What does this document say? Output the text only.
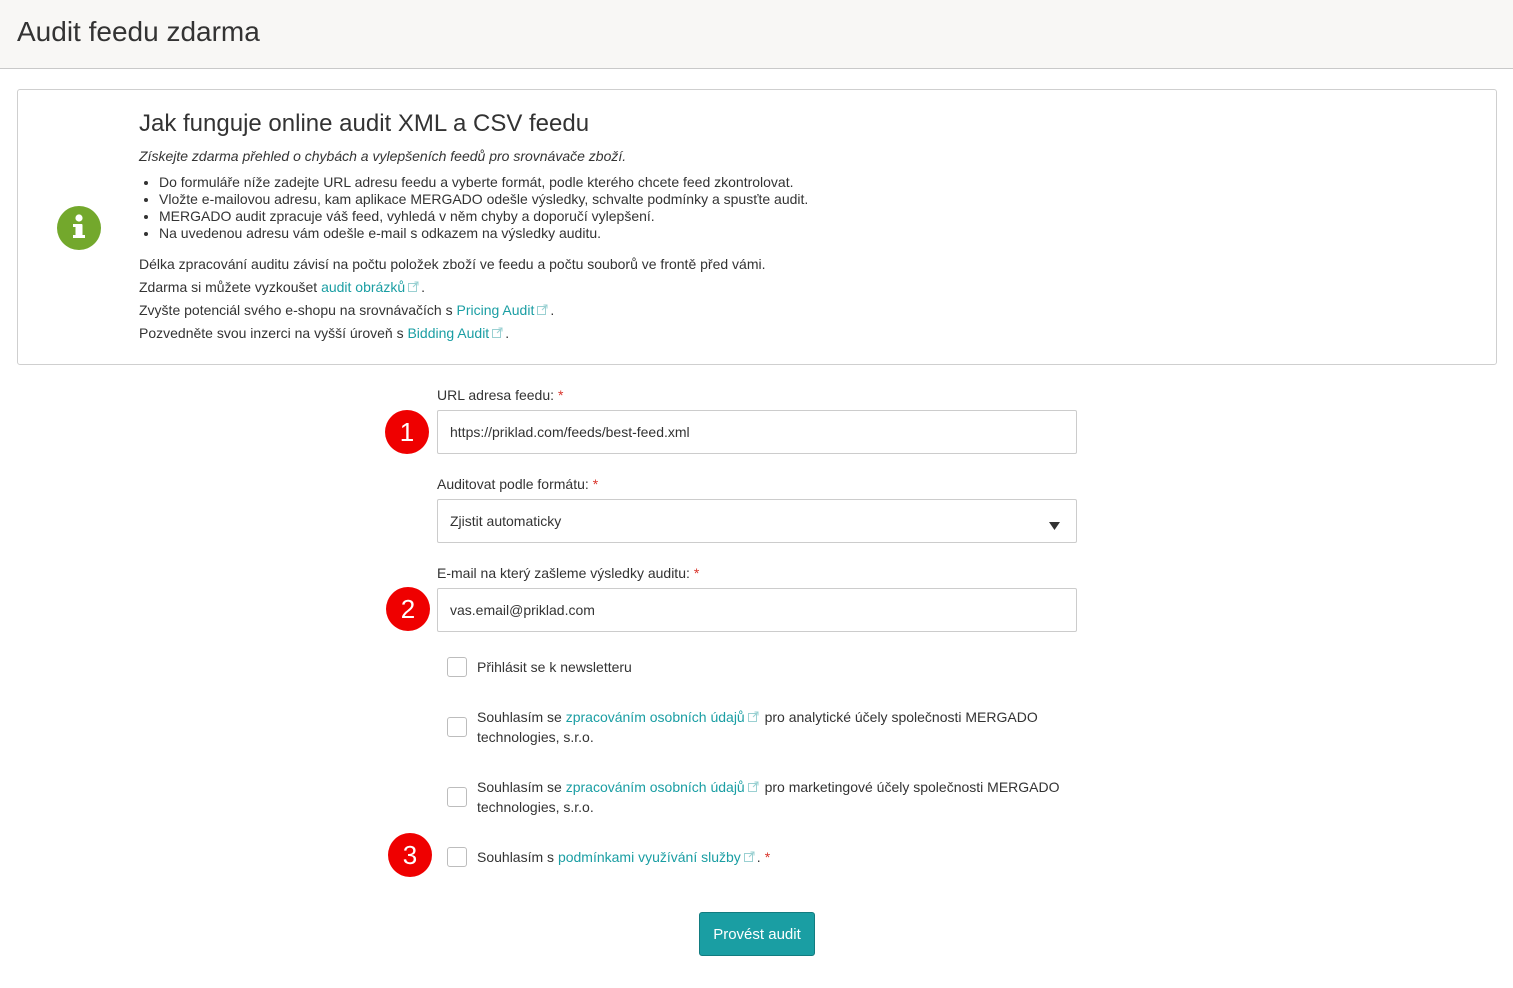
Audit feedu zdarma
Jak funguje online audit XML a CSV feedu

Získejte zdarma přehled o chybách a vylepšeních feedů pro srovnávače zboží.

• Do formuláře níže zadejte URL adresu feedu a vyberte formát, podle kterého chcete feed zkontrolovat.
• Vložte e-mailovou adresu, kam aplikace MERGADO odešle výsledky, schvalte podmínky a spusťte audit.
• MERGADO audit zpracuje váš feed, vyhledá v něm chyby a doporučí vylepšení.
• Na uvedenou adresu vám odešle e-mail s odkazem na výsledky auditu.

Délka zpracování auditu závisí na počtu položek zboží ve feedu a počtu souborů ve frontě před vámi.

Zdarma si můžete vyzkoušet audit obrázků .

Zvyšte potenciál svého e-shopu na srovnávačích s Pricing Audit .

Pozvedněte svou inzerci na vyšší úroveň s Bidding Audit .

1
2
3
URL adresa feedu: *
https://priklad.com/feeds/best-feed.xml
Auditovat podle formátu: *
Zjistit automaticky
E-mail na který zašleme výsledky auditu: *
vas.email@priklad.com
Přihlásit se k newsletteru
Souhlasím se zpracováním osobních údajů pro analytické účely společnosti MERGADO technologies, s.r.o.
Souhlasím se zpracováním osobních údajů pro marketingové účely společnosti MERGADO technologies, s.r.o.
Souhlasím s podmínkami využívání služby . *
Provést audit
